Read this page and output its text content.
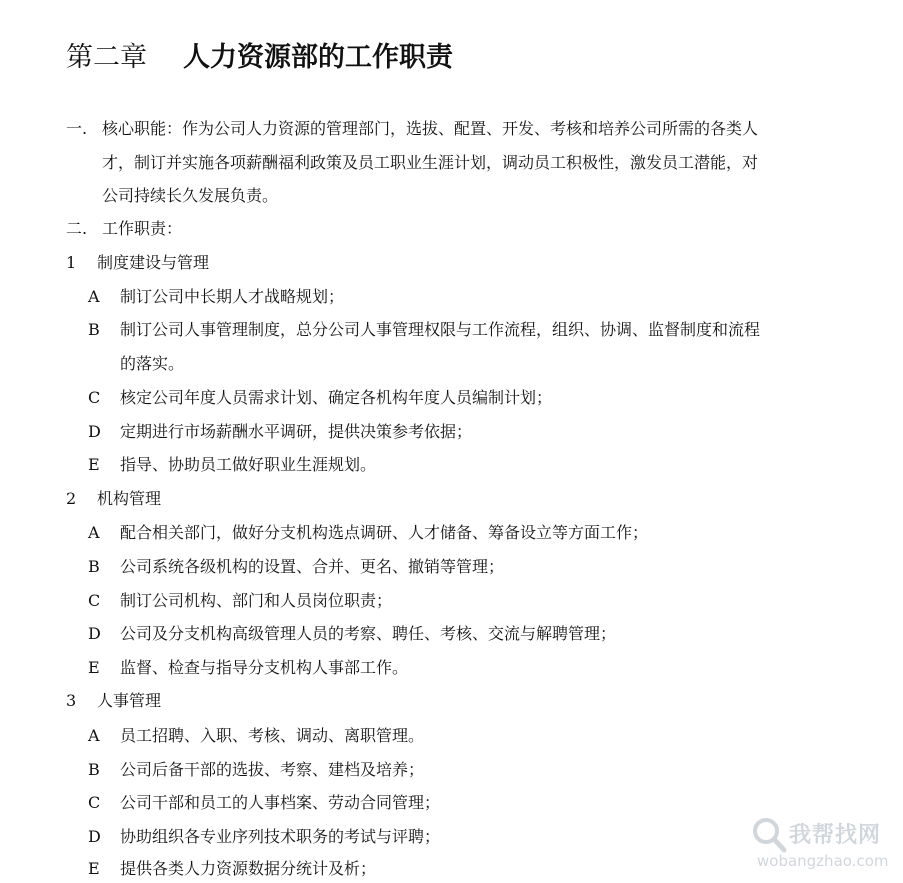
第二章 人力资源部的工作职责
一. 核心职能：作为公司人力资源的管理部门，选拔、配置、开发、考核和培养公司所需的各类人
才，制订并实施各项薪酬福利政策及员工职业生涯计划，调动员工积极性，激发员工潜能，对
公司持续长久发展负责。
二. 工作职责：
1 制度建设与管理
A 制订公司中长期人才战略规划；
B 制订公司人事管理制度，总分公司人事管理权限与工作流程，组织、协调、监督制度和流程
的落实。
C 核定公司年度人员需求计划、确定各机构年度人员编制计划；
D 定期进行市场薪酬水平调研，提供决策参考依据；
E 指导、协助员工做好职业生涯规划。
2 机构管理
A 配合相关部门，做好分支机构选点调研、人才储备、筹备设立等方面工作；
B 公司系统各级机构的设置、合并、更名、撤销等管理；
C 制订公司机构、部门和人员岗位职责；
D 公司及分支机构高级管理人员的考察、聘任、考核、交流与解聘管理；
E 监督、检查与指导分支机构人事部工作。
3 人事管理
A 员工招聘、入职、考核、调动、离职管理。
B 公司后备干部的选拔、考察、建档及培养；
C 公司干部和员工的人事档案、劳动合同管理；
D 协助组织各专业序列技术职务的考试与评聘；
E 提供各类人力资源数据分统计及析；
我帮找网
wobangzhao.com
